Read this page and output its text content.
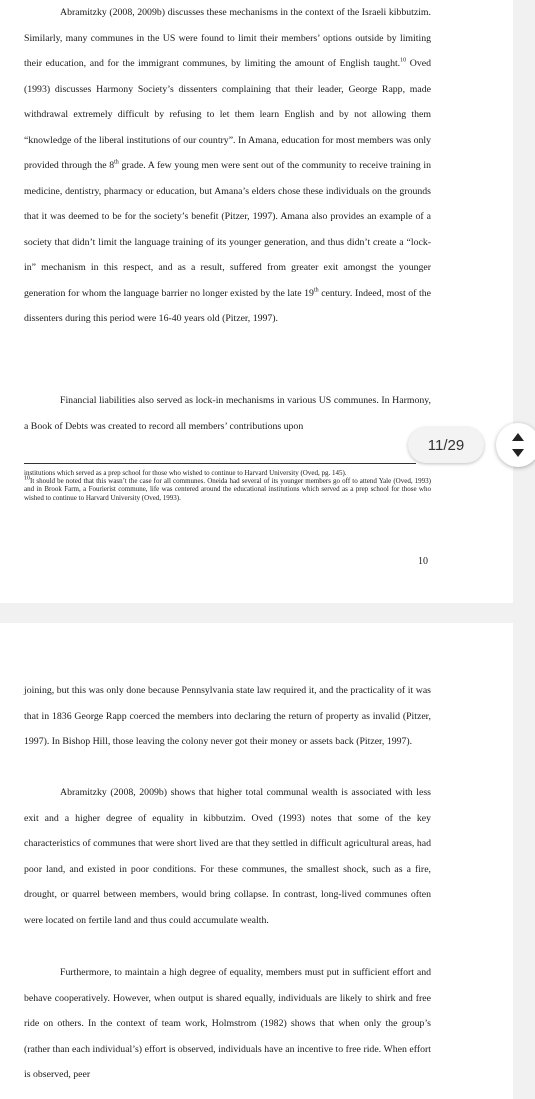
Abramitzky (2008, 2009b) discusses these mechanisms in the context of the Israeli kibbutzim. Similarly, many communes in the US were found to limit their members’ options outside by limiting their education, and for the immigrant communes, by limiting the amount of English taught.$^{10}$ Oved (1993) discusses Harmony Society’s dissenters complaining that their leader, George Rapp, made withdrawal extremely difficult by refusing to let them learn English and by not allowing them “knowledge of the liberal institutions of our country”. In Amana, education for most members was only provided through the 8th grade. A few young men were sent out of the community to receive training in medicine, dentistry, pharmacy or education, but Amana’s elders chose these individuals on the grounds that it was deemed to be for the society’s benefit (Pitzer, 1997). Amana also provides an example of a society that didn’t limit the language training of its younger generation, and thus didn’t create a “lock-in” mechanism in this respect, and as a result, suffered from greater exit amongst the younger generation for whom the language barrier no longer existed by the late 19th century. Indeed, most of the dissenters during this period were 16-40 years old (Pitzer, 1997).

Financial liabilities also served as lock-in mechanisms in various US communes. In Harmony, a Book of Debts was created to record all members’ contributions upon

institutions which served as a prep school for those who wished to continue to Harvard University (Oved, pg. 145).

$^{10}$It should be noted that this wasn’t the case for all communes. Oneida had several of its younger members go off to attend Yale (Oved, 1993) and in Brook Farm, a Fourierist commune, life was centered around the educational institutions which served as a prep school for those who wished to continue to Harvard University (Oved, 1993).

10

joining, but this was only done because Pennsylvania state law required it, and the practicality of it was that in 1836 George Rapp coerced the members into declaring the return of property as invalid (Pitzer, 1997). In Bishop Hill, those leaving the colony never got their money or assets back (Pitzer, 1997).

Abramitzky (2008, 2009b) shows that higher total communal wealth is associated with less exit and a higher degree of equality in kibbutzim. Oved (1993) notes that some of the key characteristics of communes that were short lived are that they settled in difficult agricultural areas, had poor land, and existed in poor conditions. For these communes, the smallest shock, such as a fire, drought, or quarrel between members, would bring collapse. In contrast, long-lived communes often were located on fertile land and thus could accumulate wealth.

Furthermore, to maintain a high degree of equality, members must put in sufficient effort and behave cooperatively. However, when output is shared equally, individuals are likely to shirk and free ride on others. In the context of team work, Holmstrom (1982) shows that when only the group’s (rather than each individual’s) effort is observed, individuals have an incentive to free ride. When effort is observed, peer

11/29
